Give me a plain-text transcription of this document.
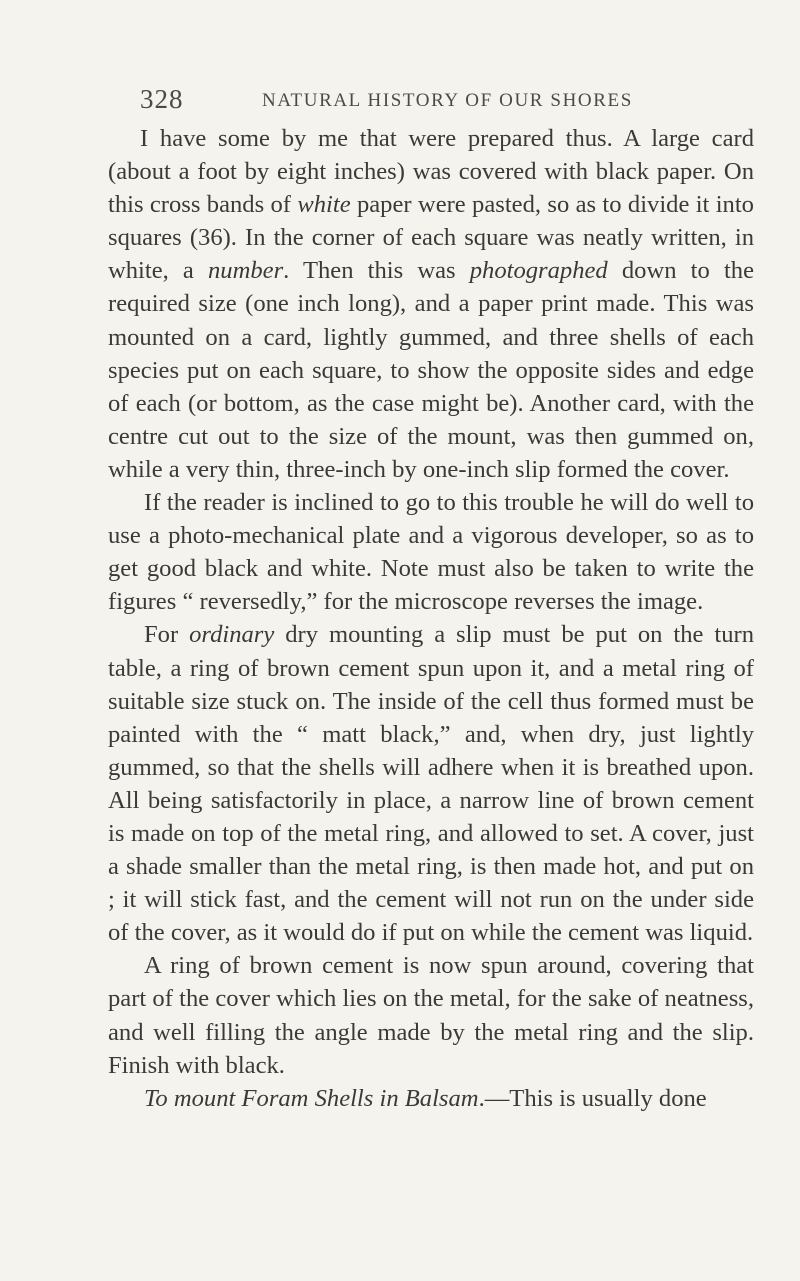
328	NATURAL HISTORY OF OUR SHORES

I have some by me that were prepared thus. A large card (about a foot by eight inches) was covered with black paper. On this cross bands of white paper were pasted, so as to divide it into squares (36). In the corner of each square was neatly written, in white, a number. Then this was photographed down to the required size (one inch long), and a paper print made. This was mounted on a card, lightly gummed, and three shells of each species put on each square, to show the opposite sides and edge of each (or bottom, as the case might be). Another card, with the centre cut out to the size of the mount, was then gummed on, while a very thin, three-inch by one-inch slip formed the cover.

If the reader is inclined to go to this trouble he will do well to use a photo-mechanical plate and a vigorous developer, so as to get good black and white. Note must also be taken to write the figures “ reversedly,” for the microscope reverses the image.

For ordinary dry mounting a slip must be put on the turn table, a ring of brown cement spun upon it, and a metal ring of suitable size stuck on. The inside of the cell thus formed must be painted with the “ matt black,” and, when dry, just lightly gummed, so that the shells will adhere when it is breathed upon. All being satisfactorily in place, a narrow line of brown cement is made on top of the metal ring, and allowed to set. A cover, just a shade smaller than the metal ring, is then made hot, and put on ; it will stick fast, and the cement will not run on the under side of the cover, as it would do if put on while the cement was liquid.

A ring of brown cement is now spun around, covering that part of the cover which lies on the metal, for the sake of neatness, and well filling the angle made by the metal ring and the slip. Finish with black.

To mount Foram Shells in Balsam.—This is usually done
